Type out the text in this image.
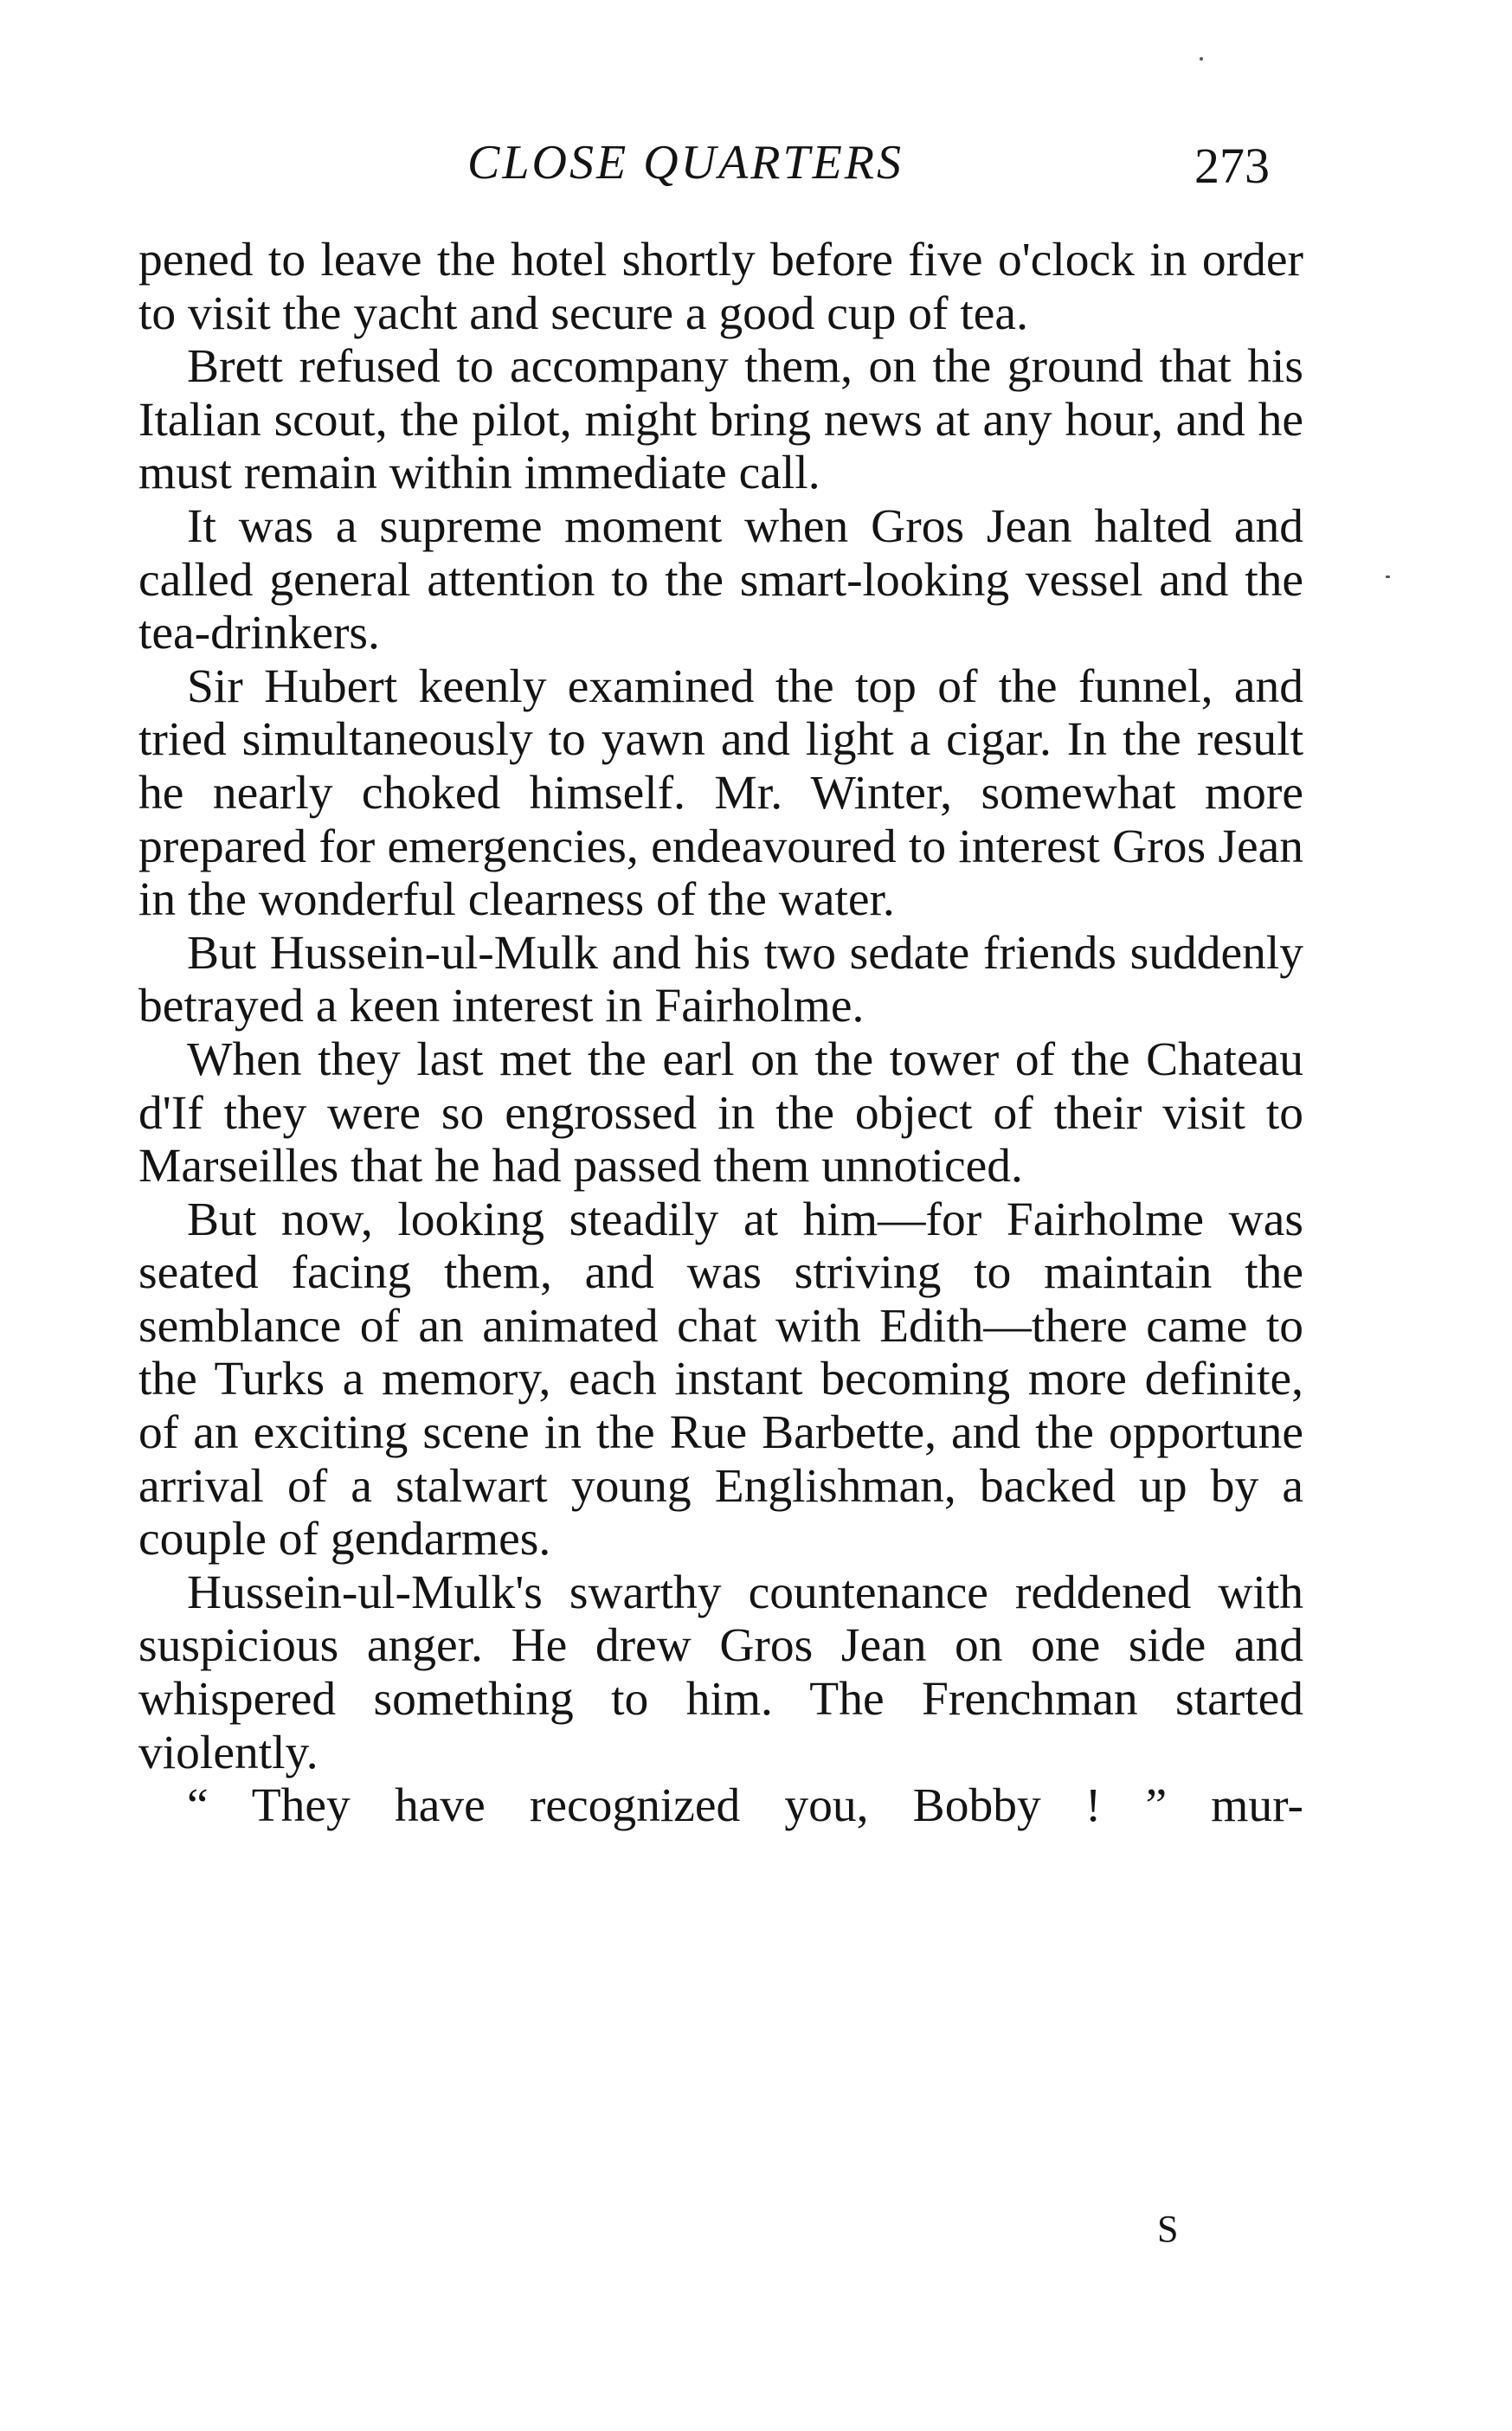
CLOSE QUARTERS	273

pened to leave the hotel shortly before five o'clock in order to visit the yacht and secure a good cup of tea.

Brett refused to accompany them, on the ground that his Italian scout, the pilot, might bring news at any hour, and he must remain within immediate call.

It was a supreme moment when Gros Jean halted and called general attention to the smart-looking vessel and the tea-drinkers.

Sir Hubert keenly examined the top of the funnel, and tried simultaneously to yawn and light a cigar. In the result he nearly choked himself. Mr. Winter, somewhat more prepared for emergencies, endeavoured to interest Gros Jean in the wonderful clearness of the water.

But Hussein-ul-Mulk and his two sedate friends suddenly betrayed a keen interest in Fairholme.

When they last met the earl on the tower of the Chateau d'If they were so engrossed in the object of their visit to Marseilles that he had passed them unnoticed.

But now, looking steadily at him—for Fairholme was seated facing them, and was striving to maintain the semblance of an animated chat with Edith—there came to the Turks a memory, each instant becoming more definite, of an exciting scene in the Rue Barbette, and the opportune arrival of a stalwart young Englishman, backed up by a couple of gendarmes.

Hussein-ul-Mulk's swarthy countenance reddened with suspicious anger. He drew Gros Jean on one side and whispered something to him. The Frenchman started violently.

“ They have recognized you, Bobby ! ” mur-

S
